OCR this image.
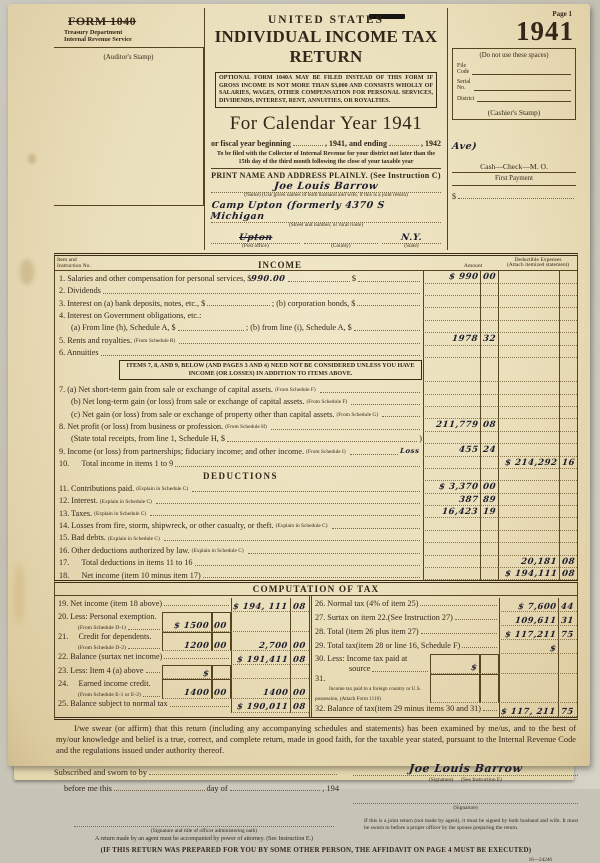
FORM 1040
Treasury Department
Internal Revenue Service
(Auditor's Stamp)
UNITED STATES
INDIVIDUAL INCOME TAX RETURN
OPTIONAL FORM 1040A MAY BE FILED INSTEAD OF THIS FORM IF GROSS INCOME IS NOT MORE THAN $3,000 AND CONSISTS WHOLLY OF SALARIES, WAGES, OTHER COMPENSATION FOR PERSONAL SERVICES, DIVIDENDS, INTEREST, RENT, ANNUITIES, OR ROYALTIES.
For Calendar Year 1941
or fiscal year beginning	, 1941, and ending	, 1942
To be filed with the Collector of Internal Revenue for your district not later than the 15th day of the third month following the close of your taxable year
PRINT NAME AND ADDRESS PLAINLY. (See Instruction C)
Joe Louis Barrow
(Name) (Use given names of both husband and wife, if this is a joint return)
Camp Upton (formerly 4370 S Michigan
(Street and number, or rural route)
Upton
(Post office)	(County)
N.Y.
(State)
Page 1
1941
(Do not use these spaces)
File
Code
Serial
No.
District
(Cashier's Stamp)
Ave)
Cash—Check—M. O.
First Payment
$
Item and
Instruction No.	INCOME	Amount
Deductible Expenses
(Attach itemized statement)
1. Salaries and other compensation for personal services, $ 990.00	$	$ 990 00
2. Dividends
3. Interest on (a) bank deposits, notes, etc., $	; (b) corporation bonds, $
4. Interest on Government obligations, etc.:
(a) From line (h), Schedule A, $	; (b) from line (i), Schedule A, $
5. Rents and royalties. (From Schedule B)	1978 32
6. Annuities
ITEMS 7, 8, AND 9, BELOW (AND PAGES 3 AND 4) NEED NOT BE CONSIDERED UNLESS YOU HAVE INCOME (OR LOSSES) IN ADDITION TO ITEMS ABOVE.
7. (a) Net short-term gain from sale or exchange of capital assets. (From Schedule F)
(b) Net long-term gain (or loss) from sale or exchange of capital assets. (From Schedule F)
(c) Net gain (or loss) from sale or exchange of property other than capital assets. (From Schedule G)
8. Net profit (or loss) from business or profession. (From Schedule H)	211,779 08
(State total receipts, from line 1, Schedule H, $	)
9. Income (or loss) from partnerships; fiduciary income; and other income. (From Schedule I)	Loss	455 24
10.      Total income in items 1 to 9	$ 214,292 16
DEDUCTIONS
11. Contributions paid. (Explain in Schedule C)	$ 3,370 00
12. Interest. (Explain in Schedule C)	387 89
13. Taxes. (Explain in Schedule C)	16,423 19
14. Losses from fire, storm, shipwreck, or other casualty, or theft. (Explain in Schedule C)
15. Bad debts. (Explain in Schedule C)
16. Other deductions authorized by law. (Explain in Schedule C)
17.      Total deductions in items 11 to 16	20,181 08
18.      Net income (item 10 minus item 17)	$ 194,111 08
COMPUTATION OF TAX
19. Net income (item 18 above)	$ 194, 111 08
20. Less: Personal exemption.
(From Schedule D-1)	$ 1500 00
21.     Credit for dependents.
(From Schedule D-2)	1200 00	2,700 00
22. Balance (surtax net income)	$ 191,411 08
23. Less: Item 4 (a) above	$
24.     Earned income credit.
(From Schedule E-1 or E-2)	1400 00	1400 00
25. Balance subject to normal tax	$ 190,011 08
26. Normal tax (4% of item 25)	$ 7,600 44
27. Surtax on item 22. (See Instruction 27)	109,611 31
28. Total (item 26 plus item 27)	$ 117,211 75
29. Total tax (item 28 or line 16, Schedule F)	$
30. Less: Income tax paid at
source	$
31.
Income tax paid to a foreign country or U.S. possession, (Attach Form 1116)
32. Balance of tax (item 29 minus items 30 and 31) $ 117, 211 75
I/we swear (or affirm) that this return (including any accompanying schedules and statements) has been examined by me/us, and to the best of my/our knowledge and belief is a true, correct, and complete return, made in good faith, for the taxable year stated, pursuant to the Internal Revenue Code and the regulations issued under authority thereof.
Subscribed and sworn to by
before me this	day of	, 194
Joe Louis Barrow
(Signature) (See Instruction E)
(Signature)
(Signature and title of officer administering oath)
A return made by an agent must be accompanied by power of attorney. (See Instruction E.)
If this is a joint return (not made by agent), it must be signed by both husband and wife. It must be sworn to before a proper officer by the spouse preparing the return.
(IF THIS RETURN WAS PREPARED FOR YOU BY SOME OTHER PERSON, THE AFFIDAVIT ON PAGE 4 MUST BE EXECUTED)
16—24246
